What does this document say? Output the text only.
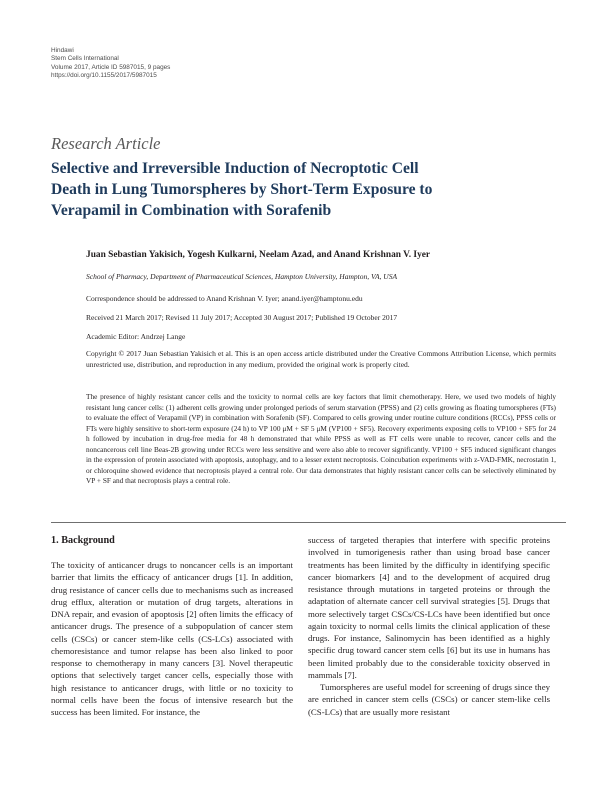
Hindawi
Stem Cells International
Volume 2017, Article ID 5987015, 9 pages
https://doi.org/10.1155/2017/5987015
Research Article
Selective and Irreversible Induction of Necroptotic Cell
Death in Lung Tumorspheres by Short-Term Exposure to
Verapamil in Combination with Sorafenib
Juan Sebastian Yakisich, Yogesh Kulkarni, Neelam Azad, and Anand Krishnan V. Iyer
School of Pharmacy, Department of Pharmaceutical Sciences, Hampton University, Hampton, VA, USA
Correspondence should be addressed to Anand Krishnan V. Iyer; anand.iyer@hamptonu.edu
Received 21 March 2017; Revised 11 July 2017; Accepted 30 August 2017; Published 19 October 2017
Academic Editor: Andrzej Lange
Copyright © 2017 Juan Sebastian Yakisich et al. This is an open access article distributed under the Creative Commons Attribution License, which permits unrestricted use, distribution, and reproduction in any medium, provided the original work is properly cited.
The presence of highly resistant cancer cells and the toxicity to normal cells are key factors that limit chemotherapy. Here, we used two models of highly resistant lung cancer cells: (1) adherent cells growing under prolonged periods of serum starvation (PPSS) and (2) cells growing as floating tumorspheres (FTs) to evaluate the effect of Verapamil (VP) in combination with Sorafenib (SF). Compared to cells growing under routine culture conditions (RCCs), PPSS cells or FTs were highly sensitive to short-term exposure (24 h) to VP 100 μM + SF 5 μM (VP100 + SF5). Recovery experiments exposing cells to VP100 + SF5 for 24 h followed by incubation in drug-free media for 48 h demonstrated that while PPSS as well as FT cells were unable to recover, cancer cells and the noncancerous cell line Beas-2B growing under RCCs were less sensitive and were also able to recover significantly. VP100 + SF5 induced significant changes in the expression of protein associated with apoptosis, autophagy, and to a lesser extent necroptosis. Coincubation experiments with z-VAD-FMK, necrostatin 1, or chloroquine showed evidence that necroptosis played a central role. Our data demonstrates that highly resistant cancer cells can be selectively eliminated by VP + SF and that necroptosis plays a central role.
1. Background

The toxicity of anticancer drugs to noncancer cells is an important barrier that limits the efficacy of anticancer drugs [1]. In addition, drug resistance of cancer cells due to mechanisms such as increased drug efflux, alteration or mutation of drug targets, alterations in DNA repair, and evasion of apoptosis [2] often limits the efficacy of anticancer drugs. The presence of a subpopulation of cancer stem cells (CSCs) or cancer stem-like cells (CS-LCs) associated with chemoresistance and tumor relapse has been also linked to poor response to chemotherapy in many cancers [3]. Novel therapeutic options that selectively target cancer cells, especially those with high resistance to anticancer drugs, with little or no toxicity to normal cells have been the focus of intensive research but the success has been limited. For instance, the

success of targeted therapies that interfere with specific proteins involved in tumorigenesis rather than using broad base cancer treatments has been limited by the difficulty in identifying specific cancer biomarkers [4] and to the development of acquired drug resistance through mutations in targeted proteins or through the adaptation of alternate cancer cell survival strategies [5]. Drugs that more selectively target CSCs/CS-LCs have been identified but once again toxicity to normal cells limits the clinical application of these drugs. For instance, Salinomycin has been identified as a highly specific drug toward cancer stem cells [6] but its use in humans has been limited probably due to the considerable toxicity observed in mammals [7].

Tumorspheres are useful model for screening of drugs since they are enriched in cancer stem cells (CSCs) or cancer stem-like cells (CS-LCs) that are usually more resistant
